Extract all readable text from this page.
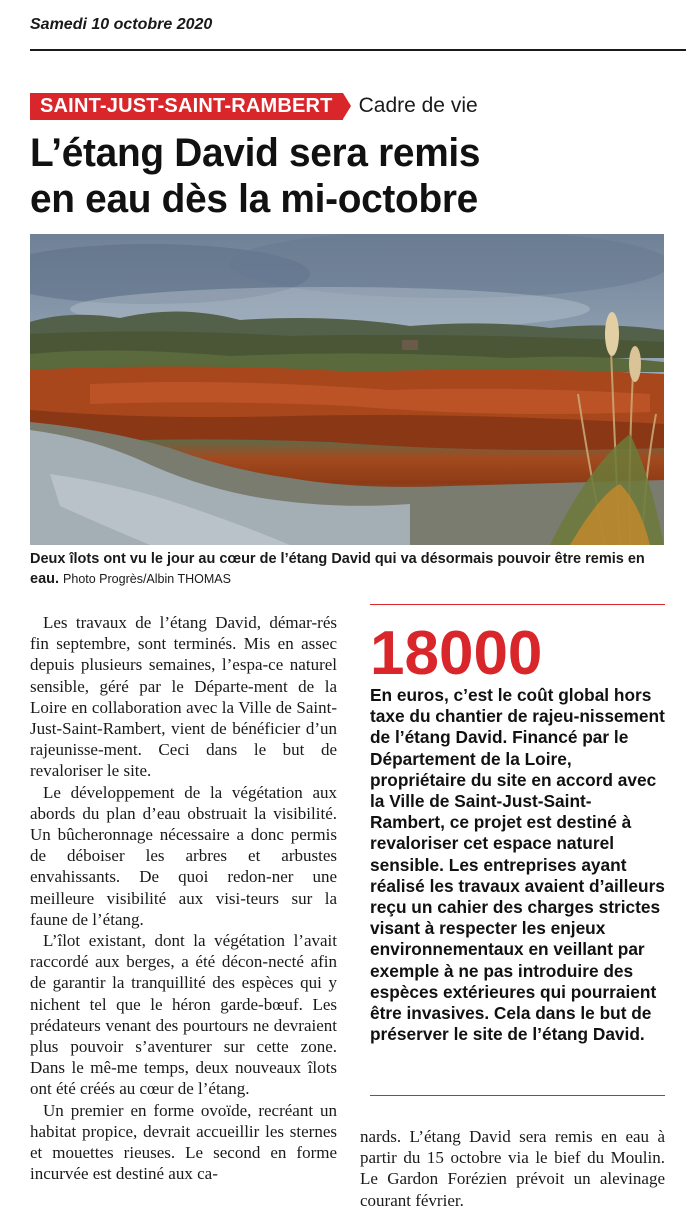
Samedi 10 octobre 2020
SAINT-JUST-SAINT-RAMBERT	Cadre de vie
L’étang David sera remis
en eau dès la mi-octobre
Deux îlots ont vu le jour au cœur de l’étang David qui va désormais pouvoir être remis en eau. Photo Progrès/Albin THOMAS

Les travaux de l’étang David, démar-rés fin septembre, sont terminés. Mis en assec depuis plusieurs semaines, l’espa-ce naturel sensible, géré par le Départe-ment de la Loire en collaboration avec la Ville de Saint-Just-Saint-Rambert, vient de bénéficier d’un rajeunisse-ment. Ceci dans le but de revaloriser le site.

Le développement de la végétation aux abords du plan d’eau obstruait la visibilité. Un bûcheronnage nécessaire a donc permis de déboiser les arbres et arbustes envahissants. De quoi redon-ner une meilleure visibilité aux visi-teurs sur la faune de l’étang.

L’îlot existant, dont la végétation l’avait raccordé aux berges, a été décon-necté afin de garantir la tranquillité des espèces qui y nichent tel que le héron garde-bœuf. Les prédateurs venant des pourtours ne devraient plus pouvoir s’aventurer sur cette zone. Dans le mê-me temps, deux nouveaux îlots ont été créés au cœur de l’étang.

Un premier en forme ovoïde, recréant un habitat propice, devrait accueillir les sternes et mouettes rieuses. Le second en forme incurvée est destiné aux ca-

18000
En euros, c’est le coût global hors taxe du chantier de rajeu-nissement de l’étang David. Financé par le Département de la Loire, propriétaire du site en accord avec la Ville de Saint-Just-Saint-Rambert, ce projet est destiné à revaloriser cet espace naturel sensible. Les entreprises ayant réalisé les travaux avaient d’ailleurs reçu un cahier des charges strictes visant à respecter les enjeux environnementaux en veillant par exemple à ne pas introduire des espèces extérieures qui pourraient être invasives. Cela dans le but de préserver le site de l’étang David.

nards. L’étang David sera remis en eau à partir du 15 octobre via le bief du Moulin. Le Gardon Forézien prévoit un alevinage courant février.
